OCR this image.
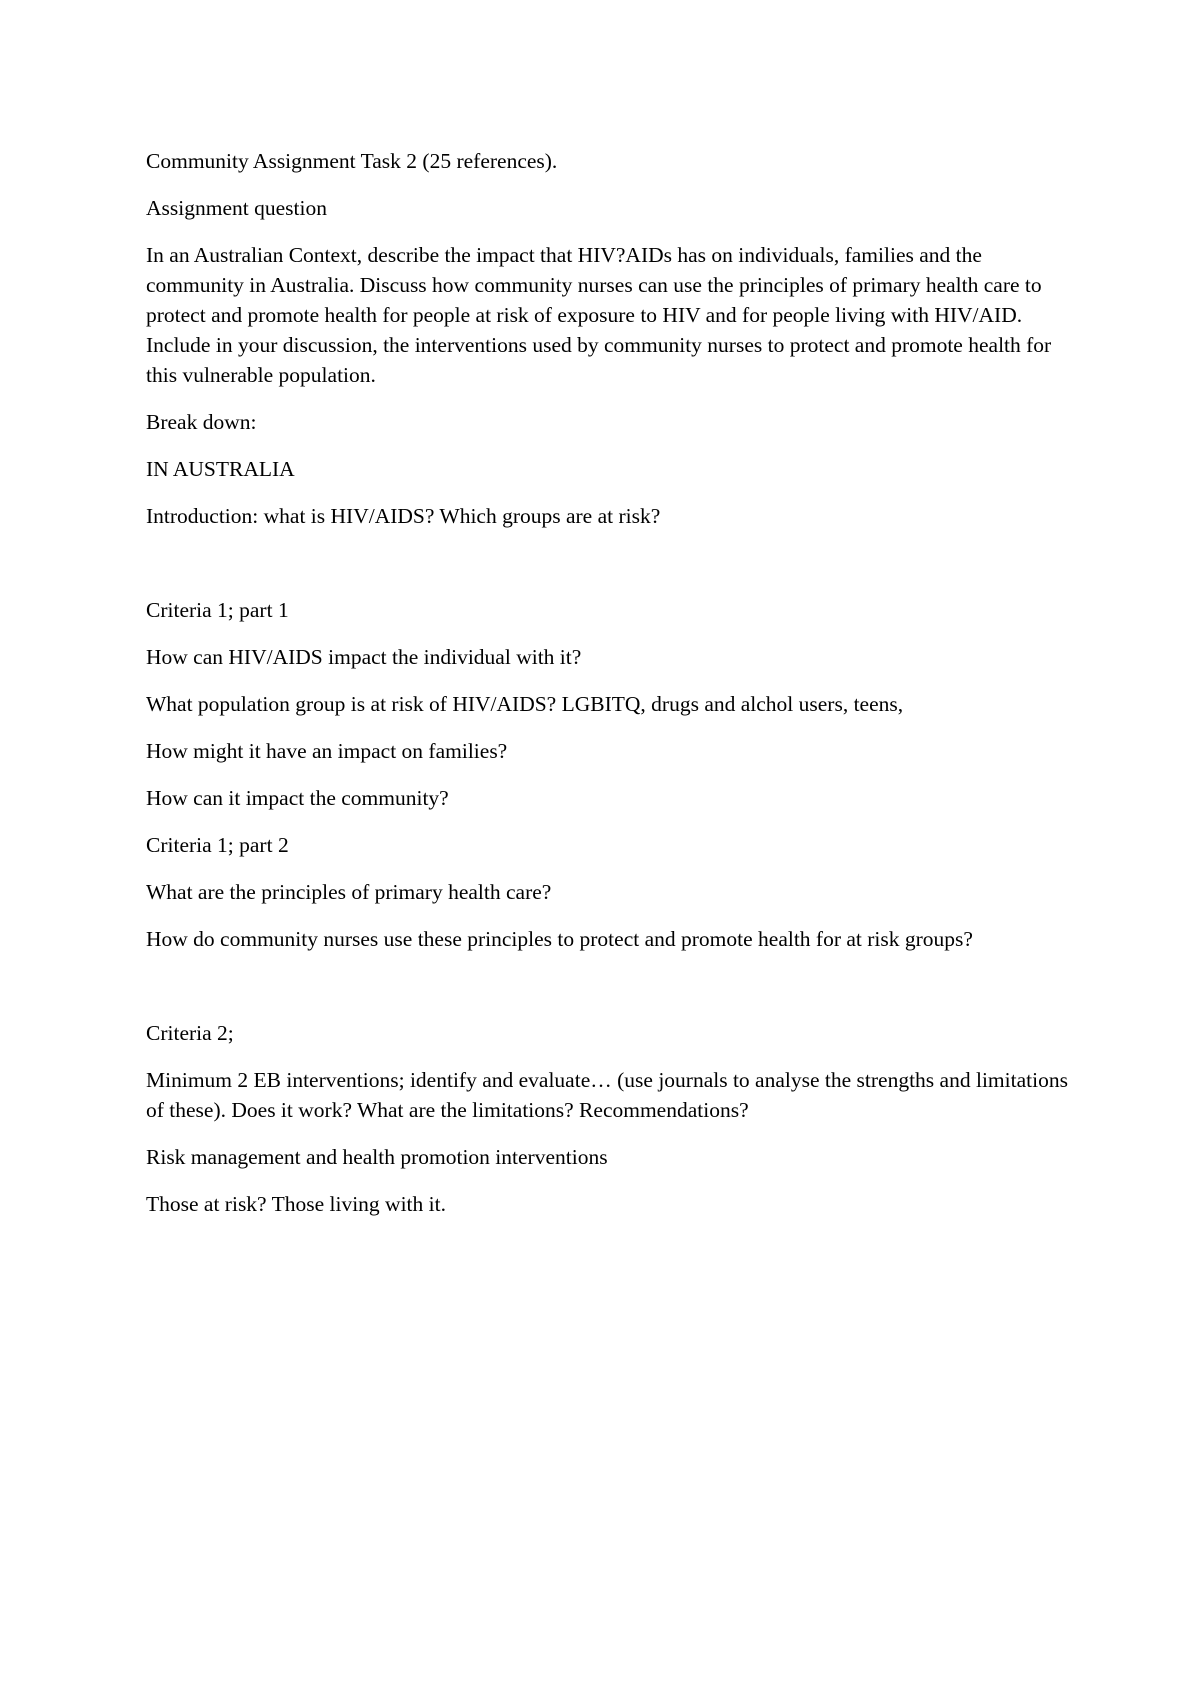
Community Assignment Task 2 (25 references).

Assignment question

In an Australian Context, describe the impact that HIV?AIDs has on individuals, families and the community in Australia. Discuss how community nurses can use the principles of primary health care to protect and promote health for people at risk of exposure to HIV and for people living with HIV/AID. Include in your discussion, the interventions used by community nurses to protect and promote health for this vulnerable population.

Break down:

IN AUSTRALIA

Introduction: what is HIV/AIDS? Which groups are at risk?

Criteria 1; part 1

How can HIV/AIDS impact the individual with it?

What population group is at risk of HIV/AIDS? LGBITQ, drugs and alchol users, teens,

How might it have an impact on families?

How can it impact the community?

Criteria 1; part 2

What are the principles of primary health care?

How do community nurses use these principles to protect and promote health for at risk groups?

Criteria 2;

Minimum 2 EB interventions; identify and evaluate… (use journals to analyse the strengths and limitations of these). Does it work? What are the limitations? Recommendations?

Risk management and health promotion interventions

Those at risk? Those living with it.
